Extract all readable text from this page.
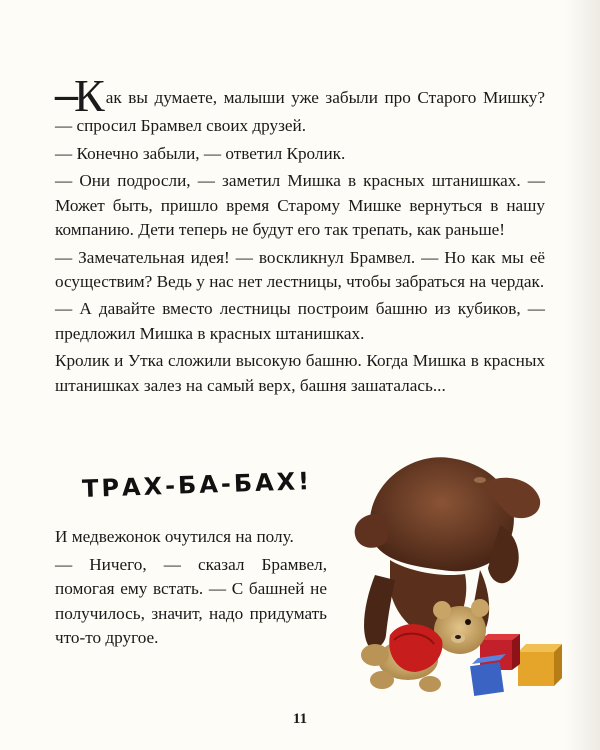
–Как вы думаете, малыши уже забыли про Старого Мишку? — спросил Брамвел своих друзей.

— Конечно забыли, — ответил Кролик.

— Они подросли, — заметил Мишка в красных штанишках. — Может быть, пришло время Старому Мишке вернуться в нашу компанию. Дети теперь не будут его так трепать, как раньше!

— Замечательная идея! — воскликнул Брамвел. — Но как мы её осуществим? Ведь у нас нет лестницы, чтобы забраться на чердак.

— А давайте вместо лестницы построим башню из кубиков, — предложил Мишка в красных штанишках.

Кролик и Утка сложили высокую башню. Когда Мишка в красных штанишках залез на самый верх, башня зашаталась...

ТРАХ-БА-БАХ!

И медвежонок очутился на полу.

— Ничего, — сказал Брамвел, помогая ему встать. — С башней не получилось, значит, надо придумать что-то другое.

11
